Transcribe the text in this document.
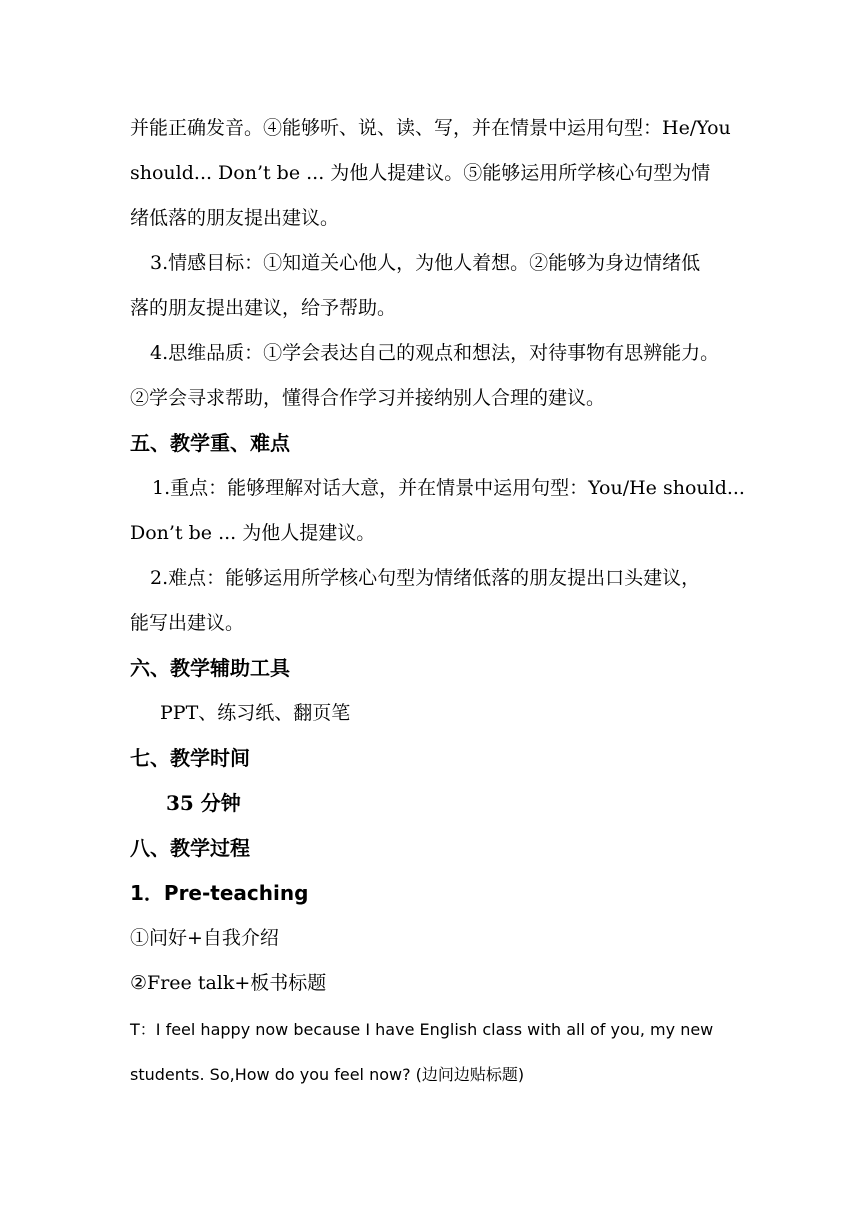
并能正确发音。④能够听、说、读、写，并在情景中运用句型：He/You
should... Don’t be ... 为他人提建议。⑤能够运用所学核心句型为情
绪低落的朋友提出建议。
3.情感目标：①知道关心他人，为他人着想。②能够为身边情绪低
落的朋友提出建议，给予帮助。
4.思维品质：①学会表达自己的观点和想法，对待事物有思辨能力。
②学会寻求帮助，懂得合作学习并接纳别人合理的建议。
五、教学重、难点
1.重点：能够理解对话大意，并在情景中运用句型：You/He should...
Don’t be ... 为他人提建议。
2.难点：能够运用所学核心句型为情绪低落的朋友提出口头建议，
能写出建议。
六、教学辅助工具
PPT、练习纸、翻页笔
七、教学时间
35 分钟
八、教学过程
1．Pre-teaching
①问好+自我介绍
②Free talk+板书标题
T：I feel happy now because I have English class with all of you, my new
students. So,How do you feel now? (边问边贴标题)
